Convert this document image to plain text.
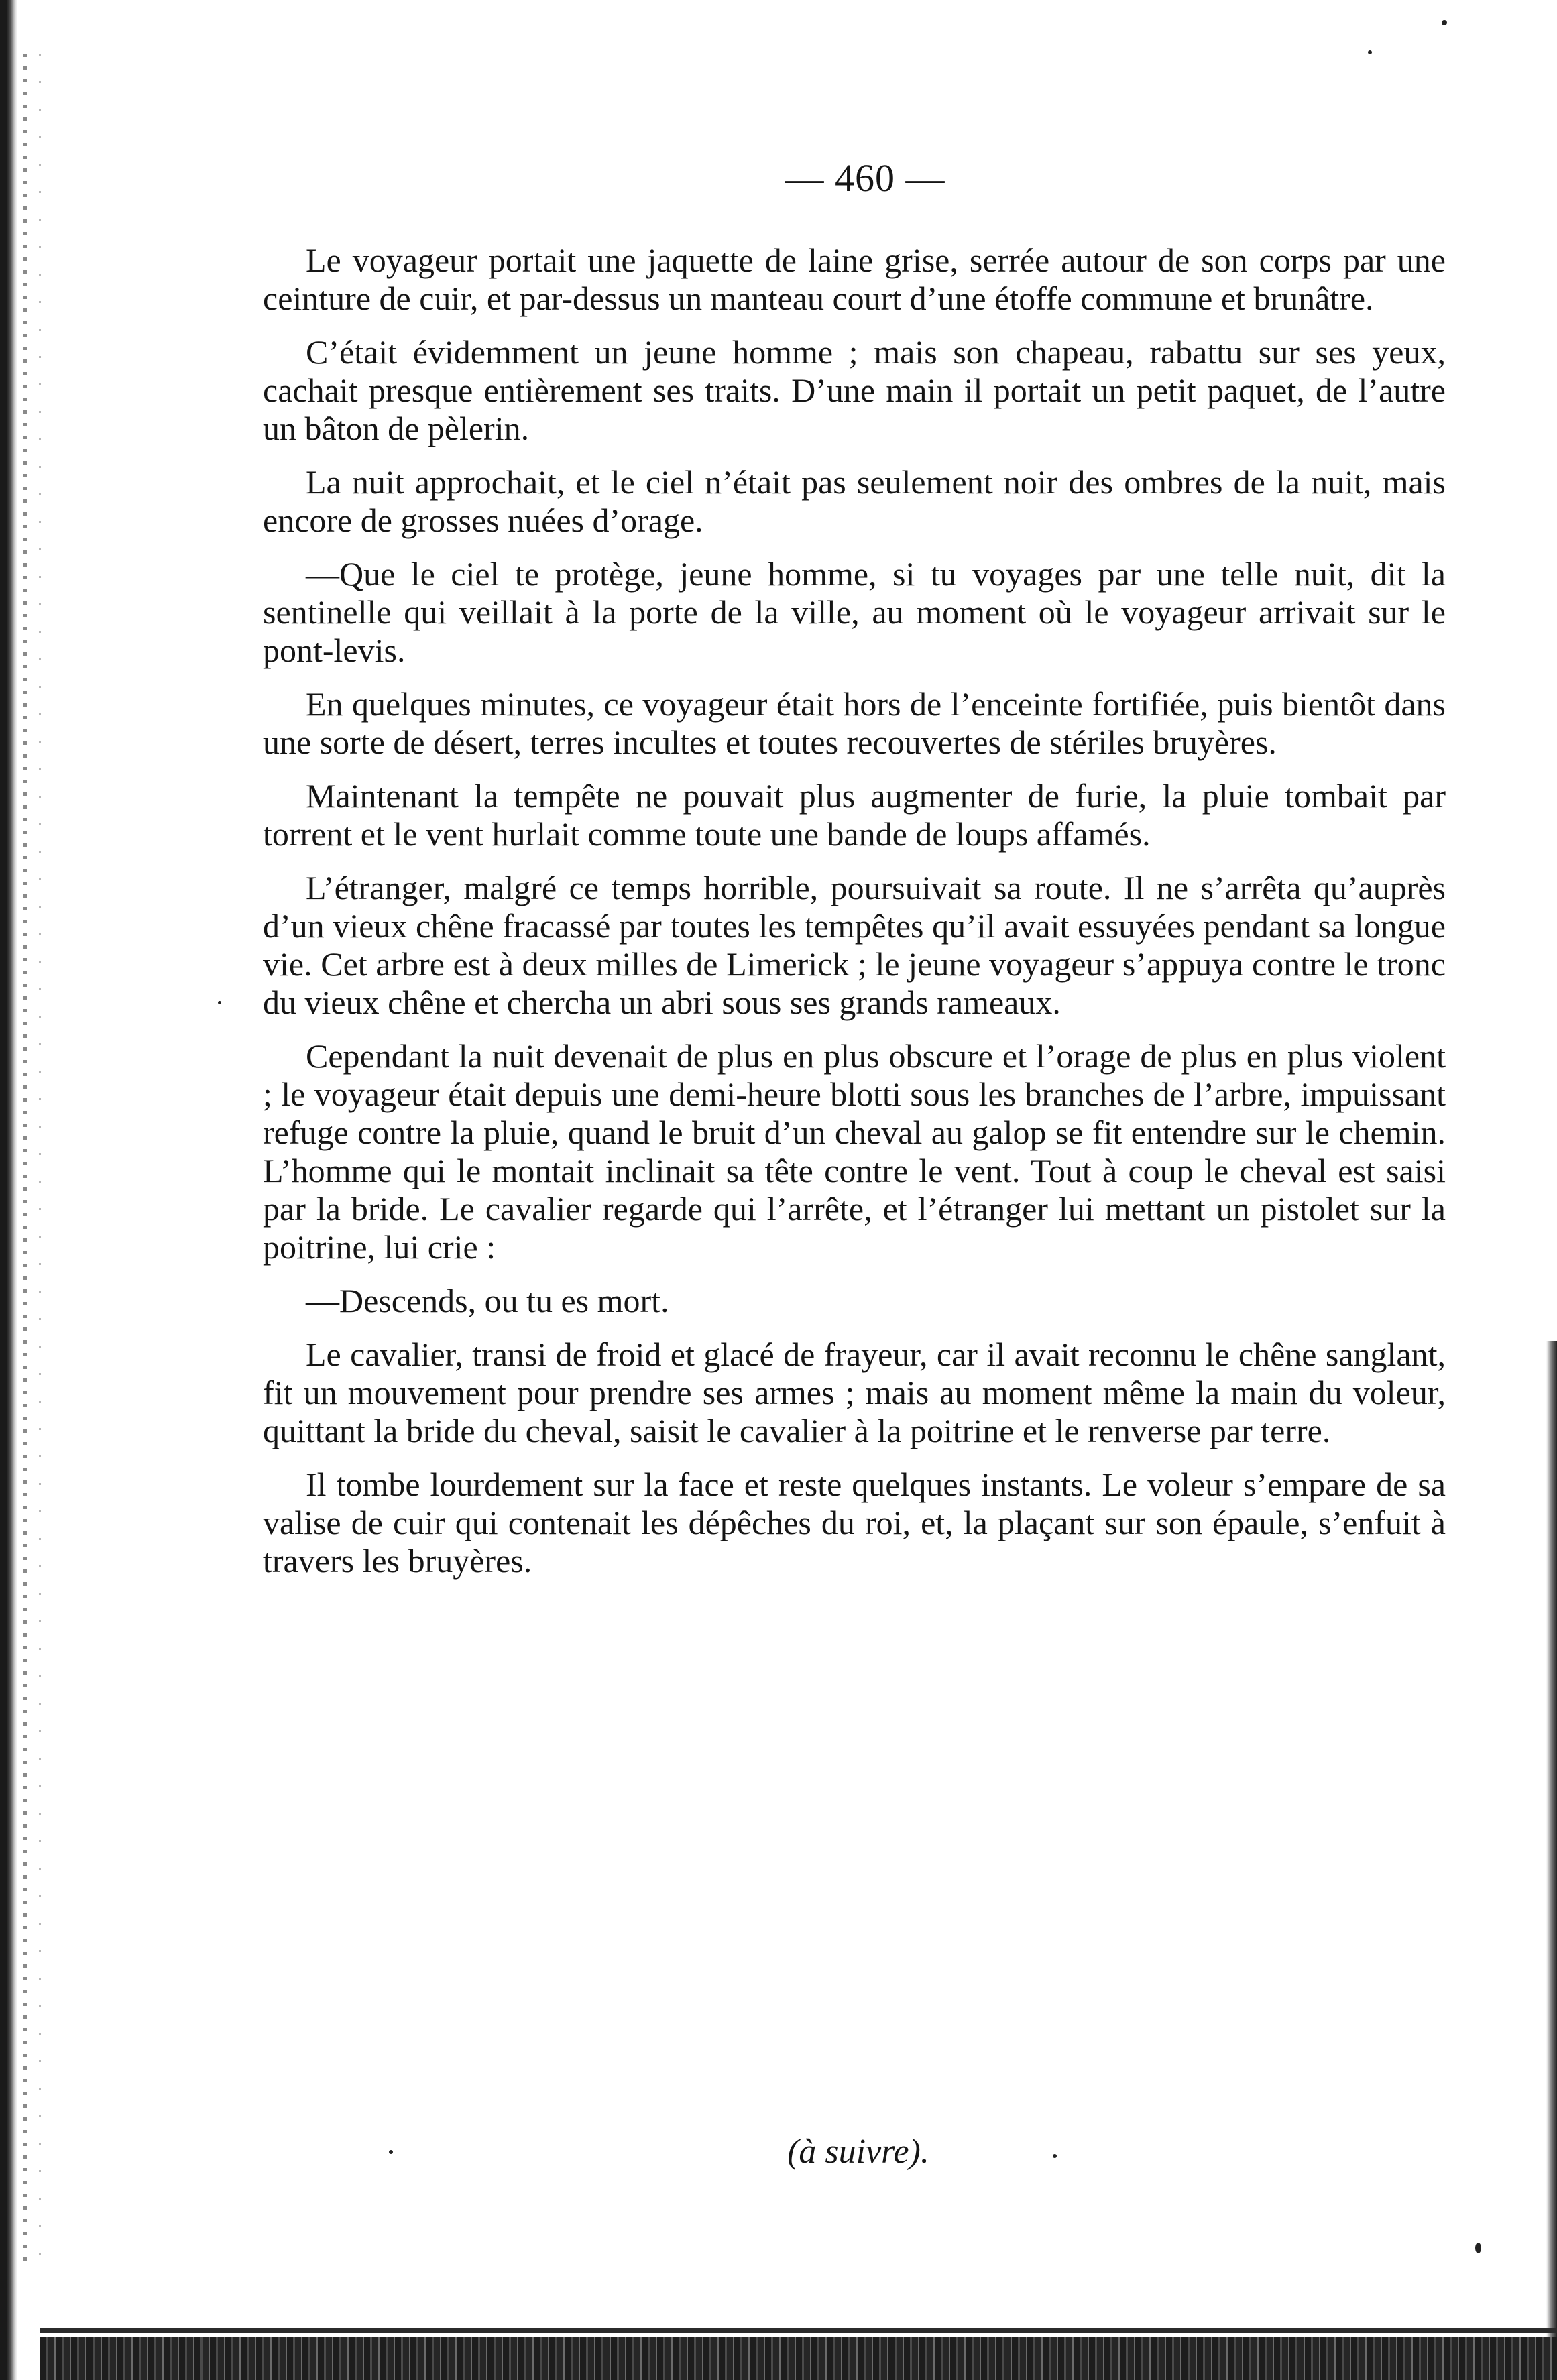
— 460 —

Le voyageur portait une jaquette de laine grise, serrée autour de son corps par une ceinture de cuir, et par-dessus un manteau court d’une étoffe commune et brunâtre.

C’était évidemment un jeune homme ; mais son chapeau, rabattu sur ses yeux, cachait presque entièrement ses traits. D’une main il portait un petit paquet, de l’autre un bâton de pèlerin.

La nuit approchait, et le ciel n’était pas seulement noir des ombres de la nuit, mais encore de grosses nuées d’orage.

—Que le ciel te protège, jeune homme, si tu voyages par une telle nuit, dit la sentinelle qui veillait à la porte de la ville, au moment où le voyageur arrivait sur le pont-levis.

En quelques minutes, ce voyageur était hors de l’enceinte fortifiée, puis bientôt dans une sorte de désert, terres incultes et toutes recouvertes de stériles bruyères.

Maintenant la tempête ne pouvait plus augmenter de furie, la pluie tombait par torrent et le vent hurlait comme toute une bande de loups affamés.

L’étranger, malgré ce temps horrible, poursuivait sa route. Il ne s’arrêta qu’auprès d’un vieux chêne fracassé par toutes les tempêtes qu’il avait essuyées pendant sa longue vie. Cet arbre est à deux milles de Limerick ; le jeune voyageur s’appuya contre le tronc du vieux chêne et chercha un abri sous ses grands rameaux.

Cependant la nuit devenait de plus en plus obscure et l’orage de plus en plus violent ; le voyageur était depuis une demi-heure blotti sous les branches de l’arbre, impuissant refuge contre la pluie, quand le bruit d’un cheval au galop se fit entendre sur le chemin. L’homme qui le montait inclinait sa tête contre le vent. Tout à coup le cheval est saisi par la bride. Le cavalier regarde qui l’arrête, et l’étranger lui mettant un pistolet sur la poitrine, lui crie :

—Descends, ou tu es mort.

Le cavalier, transi de froid et glacé de frayeur, car il avait reconnu le chêne sanglant, fit un mouvement pour prendre ses armes ; mais au moment même la main du voleur, quittant la bride du cheval, saisit le cavalier à la poitrine et le renverse par terre.

Il tombe lourdement sur la face et reste quelques instants. Le voleur s’empare de sa valise de cuir qui contenait les dépêches du roi, et, la plaçant sur son épaule, s’enfuit à travers les bruyères.

(à suivre).
